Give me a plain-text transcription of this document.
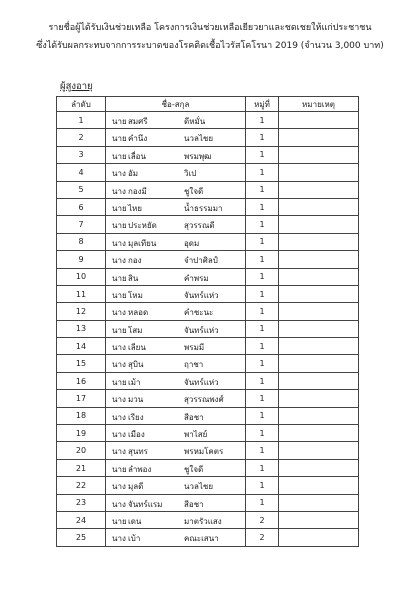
รายชื่อผู้ได้รับเงินช่วยเหลือ โครงการเงินช่วยเหลือเยียวยาและชดเชยให้แก่ประชาชน
ซึ่งได้รับผลกระทบจากการระบาดของโรคติดเชื้อไวรัสโคโรนา 2019 (จำนวน 3,000 บาท)
ผู้สูงอายุ
ลำดับ	ชื่อ-สกุล	หมู่ที่	หมายเหตุ
1	นาย สมศรี ดีหมั่น	1	
2	นาย คำนึง นวลไชย	1	
3	นาย เลื่อน พรมพุฒ	1	
4	นาง อัม วิเป	1	
5	นาง กองมี ชูใจดี	1	
6	นาย ไหย น้ำธรรมมา	1	
7	นาย ประหยัด สุวรรณดี	1	
8	นาง มุลเทียน อุดม	1	
9	นาง กอง จำปาศิลป์	1	
10	นาย สิน คำพรม	1	
11	นาย โหม จันทร์แห่ว	1	
12	นาง หลอด คำชะนะ	1	
13	นาย โสม จันทร์แห่ว	1	
14	นาง เลียน พรมมี	1	
15	นาง สุบิน ฤาชา	1	
16	นาย เม้า จันทร์แห่ว	1	
17	นาง มวน สุวรรณพงศ์	1	
18	นาง เรียง สีอชา	1	
19	นาง เมือง พาไสย์	1	
20	นาง สุนทร พรหมโคตร	1	
21	นาย ลำพอง ชูใจดี	1	
22	นาง มุลดี นวลไชย	1	
23	นาง จันทร์แรม สีอชา	1	
24	นาย เดน มาตรัวแสง	2	
25	นาง เบ้า คณะเสนา	2	
